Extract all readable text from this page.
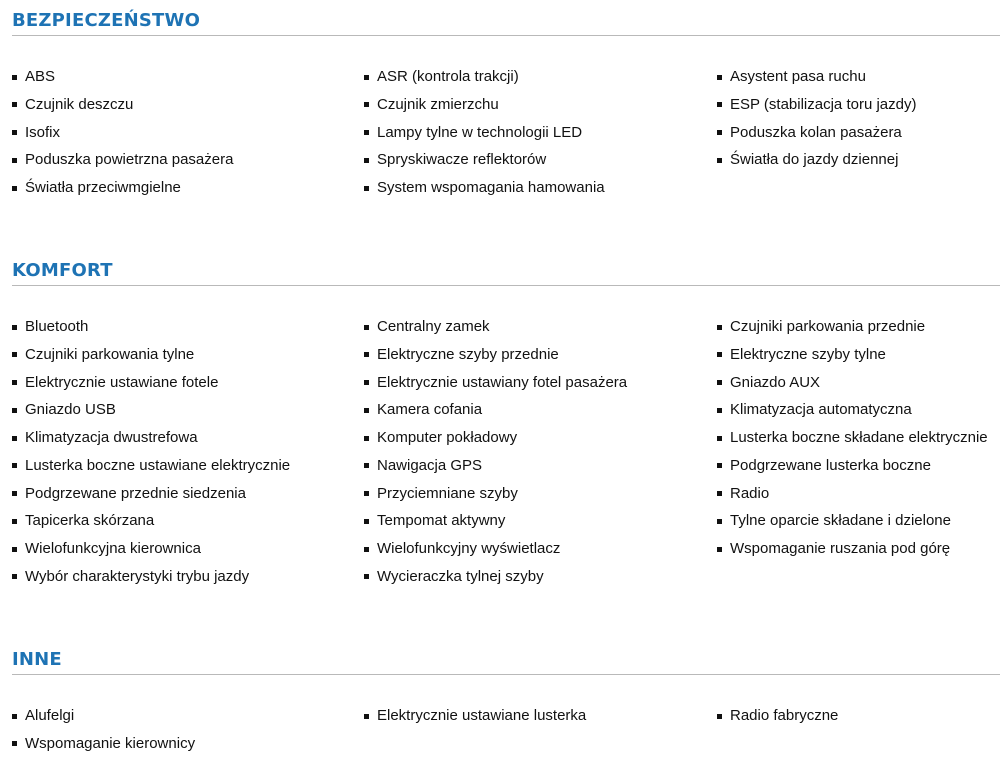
BEZPIECZEŃSTWO
ABS	ASR (kontrola trakcji)	Asystent pasa ruchu
Czujnik deszczu	Czujnik zmierzchu	ESP (stabilizacja toru jazdy)
Isofix	Lampy tylne w technologii LED	Poduszka kolan pasażera
Poduszka powietrzna pasażera	Spryskiwacze reflektorów	Światła do jazdy dziennej
Światła przeciwmgielne	System wspomagania hamowania
KOMFORT
Bluetooth	Centralny zamek	Czujniki parkowania przednie
Czujniki parkowania tylne	Elektryczne szyby przednie	Elektryczne szyby tylne
Elektrycznie ustawiane fotele	Elektrycznie ustawiany fotel pasażera	Gniazdo AUX
Gniazdo USB	Kamera cofania	Klimatyzacja automatyczna
Klimatyzacja dwustrefowa	Komputer pokładowy	Lusterka boczne składane elektrycznie
Lusterka boczne ustawiane elektrycznie	Nawigacja GPS	Podgrzewane lusterka boczne
Podgrzewane przednie siedzenia	Przyciemniane szyby	Radio
Tapicerka skórzana	Tempomat aktywny	Tylne oparcie składane i dzielone
Wielofunkcyjna kierownica	Wielofunkcyjny wyświetlacz	Wspomaganie ruszania pod górę
Wybór charakterystyki trybu jazdy	Wycieraczka tylnej szyby
INNE
Alufelgi	Elektrycznie ustawiane lusterka	Radio fabryczne
Wspomaganie kierownicy
